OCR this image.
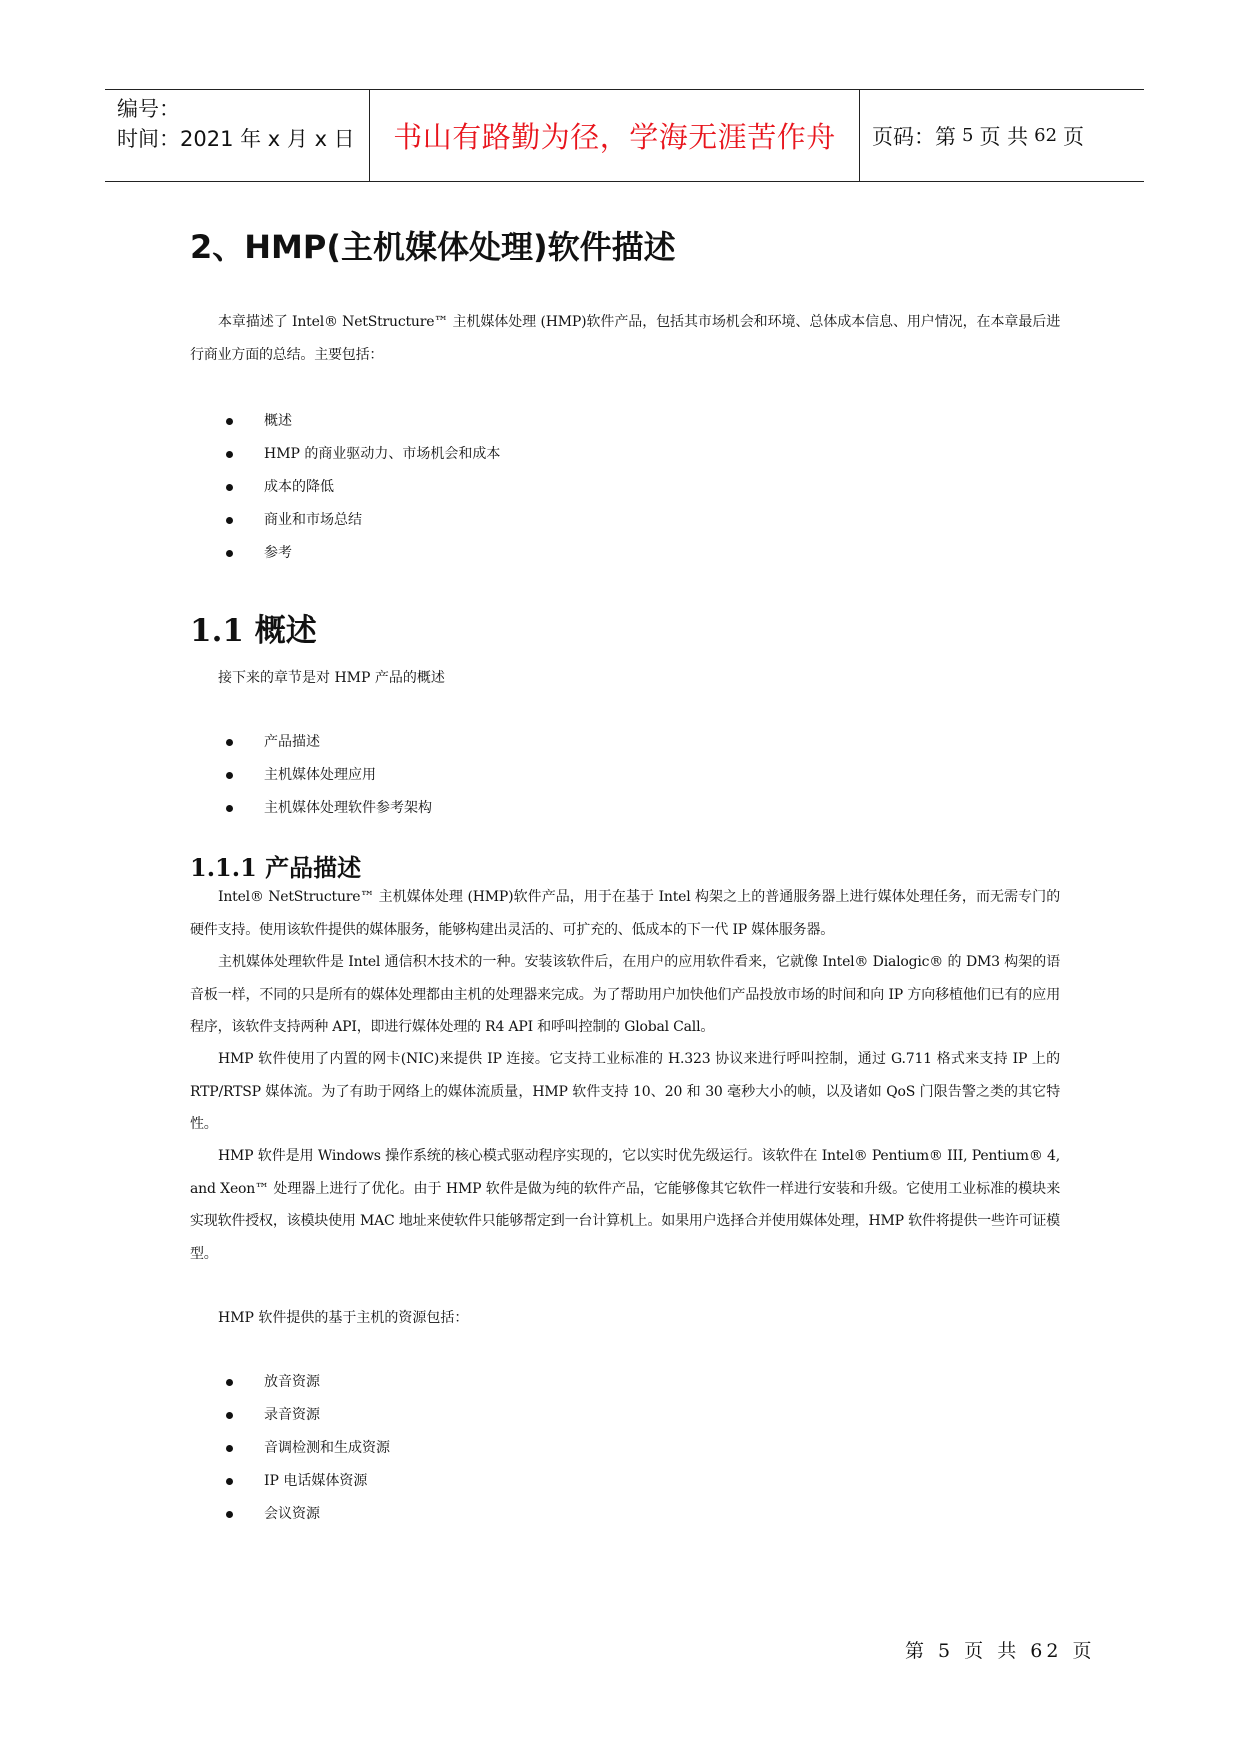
编号：
时间：2021 年 x 月 x 日	书山有路勤为径，学海无涯苦作舟	页码：第 5 页 共 62 页
2、HMP(主机媒体处理)软件描述

本章描述了 Intel® NetStructure™ 主机媒体处理 (HMP)软件产品，包括其市场机会和环境、总体成本信息、用户情况，在本章最后进行商业方面的总结。主要包括：

概述
HMP 的商业驱动力、市场机会和成本
成本的降低
商业和市场总结
参考
1.1 概述

接下来的章节是对 HMP 产品的概述

产品描述
主机媒体处理应用
主机媒体处理软件参考架构
1.1.1 产品描述

Intel® NetStructure™ 主机媒体处理 (HMP)软件产品，用于在基于 Intel 构架之上的普通服务器上进行媒体处理任务，而无需专门的硬件支持。使用该软件提供的媒体服务，能够构建出灵活的、可扩充的、低成本的下一代 IP 媒体服务器。

主机媒体处理软件是 Intel 通信积木技术的一种。安装该软件后，在用户的应用软件看来，它就像 Intel® Dialogic® 的 DM3 构架的语音板一样，不同的只是所有的媒体处理都由主机的处理器来完成。为了帮助用户加快他们产品投放市场的时间和向 IP 方向移植他们已有的应用程序，该软件支持两种 API，即进行媒体处理的 R4 API 和呼叫控制的 Global Call。

HMP 软件使用了内置的网卡(NIC)来提供 IP 连接。它支持工业标准的 H.323 协议来进行呼叫控制，通过 G.711 格式来支持 IP 上的 RTP/RTSP 媒体流。为了有助于网络上的媒体流质量，HMP 软件支持 10、20 和 30 毫秒大小的帧，以及诸如 QoS 门限告警之类的其它特性。

HMP 软件是用 Windows 操作系统的核心模式驱动程序实现的，它以实时优先级运行。该软件在 Intel® Pentium® III, Pentium® 4, and Xeon™ 处理器上进行了优化。由于 HMP 软件是做为纯的软件产品，它能够像其它软件一样进行安装和升级。它使用工业标准的模块来实现软件授权，该模块使用 MAC 地址来使软件只能够帮定到一台计算机上。如果用户选择合并使用媒体处理，HMP 软件将提供一些许可证模型。

HMP 软件提供的基于主机的资源包括：

放音资源
录音资源
音调检测和生成资源
IP 电话媒体资源
会议资源
第 5 页 共 62 页
